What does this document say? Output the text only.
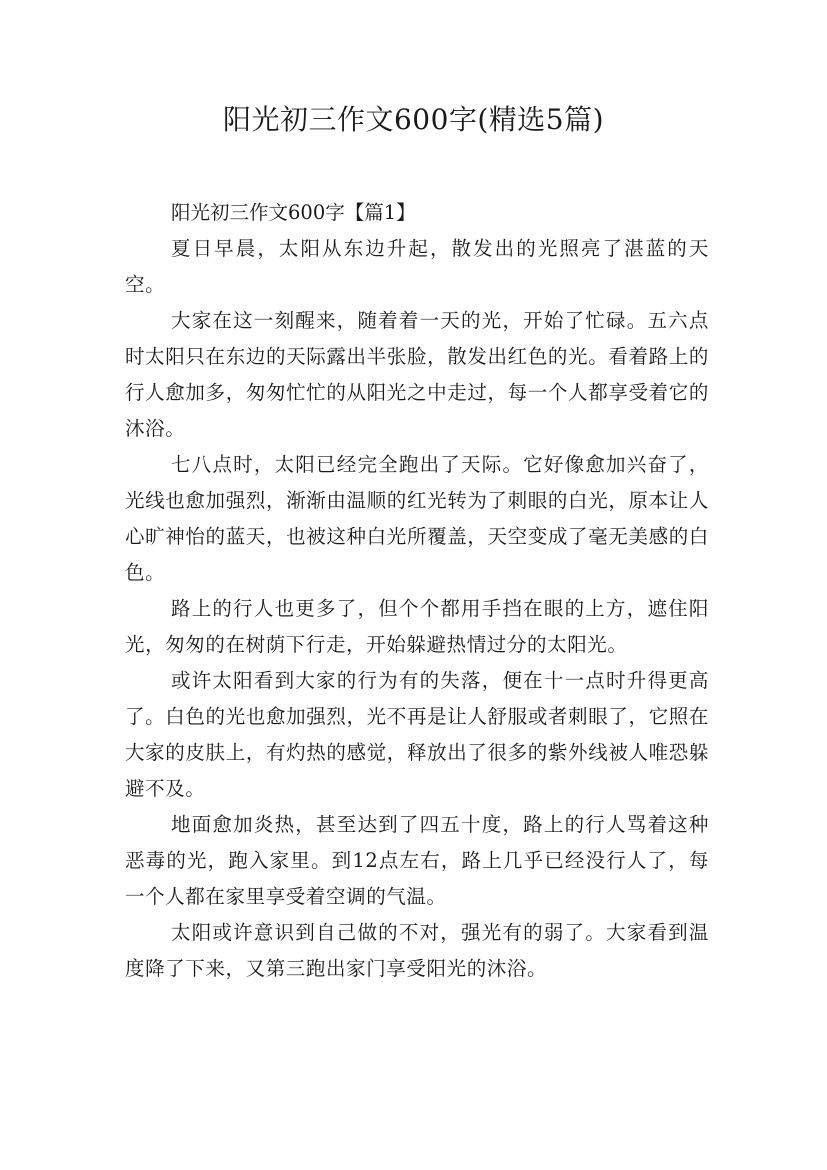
阳光初三作文600字(精选5篇)
阳光初三作文600字【篇1】

夏日早晨，太阳从东边升起，散发出的光照亮了湛蓝的天空。

大家在这一刻醒来，随着着一天的光，开始了忙碌。五六点时太阳只在东边的天际露出半张脸，散发出红色的光。看着路上的行人愈加多，匆匆忙忙的从阳光之中走过，每一个人都享受着它的沐浴。

七八点时，太阳已经完全跑出了天际。它好像愈加兴奋了，光线也愈加强烈，渐渐由温顺的红光转为了刺眼的白光，原本让人心旷神怡的蓝天，也被这种白光所覆盖，天空变成了毫无美感的白色。

路上的行人也更多了，但个个都用手挡在眼的上方，遮住阳光，匆匆的在树荫下行走，开始躲避热情过分的太阳光。

或许太阳看到大家的行为有的失落，便在十一点时升得更高了。白色的光也愈加强烈，光不再是让人舒服或者刺眼了，它照在大家的皮肤上，有灼热的感觉，释放出了很多的紫外线被人唯恐躲避不及。

地面愈加炎热，甚至达到了四五十度，路上的行人骂着这种恶毒的光，跑入家里。到12点左右，路上几乎已经没行人了，每一个人都在家里享受着空调的气温。

太阳或许意识到自己做的不对，强光有的弱了。大家看到温度降了下来，又第三跑出家门享受阳光的沐浴。
